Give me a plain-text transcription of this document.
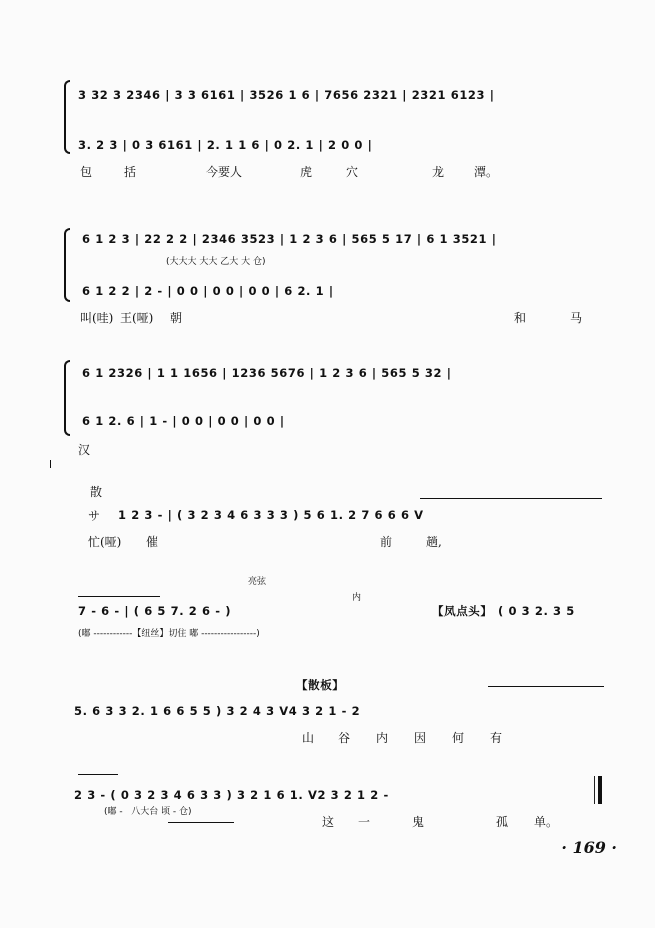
3 32 3 2346 | 3 3 6161 | 3526 1 6 | 7656 2321 | 2321 6123 |
3. 2 3 | 0 3 6161 | 2. 1 1 6 | 0 2. 1 | 2 0 0 |
包	括	今要人	虎	穴	龙 潭。
6 1 2 3 | 22 2 2 | 2346 3523 | 1 2 3 6 | 565 5 17 | 6 1 3521 |
(大大大 大大 乙大 大 仓)
6 1 2 2 | 2 - | 0 0 | 0 0 | 0 0 | 6 2. 1 |
叫(哇) 王(哑) 朝	和	马
6 1 2326 | 1 1 1656 | 1236 5676 | 1 2 3 6 | 565 5 32 |
6 1 2. 6 | 1 - | 0 0 | 0 0 | 0 0 |
汉
散
サ 1 2 3 - | ( 3 2 3 4 6 3 3 3 ) 5 6 1. 2 7 6 6 6 V
忙(哑) 催	前	趟,
亮弦
内
7 - 6 - | ( 6 5 7. 2 6 - )	【凤点头】 ( 0 3 2. 3 5
(嘟 ------------【纽丝】切住 嘟 -----------------)
【散板】
5. 6 3 3 2. 1 6 6 5 5 ) 3 2 4 3 V4 3 2 1 - 2
山 谷 内 因 何 有
2 3 - ( 0 3 2 3 4 6 3 3 ) 3 2 1 6 1. V2 3 2 1 2 -
(嘟 -   八大台 顷 - 仓)
这 一	鬼	孤 单。
· 169 ·
